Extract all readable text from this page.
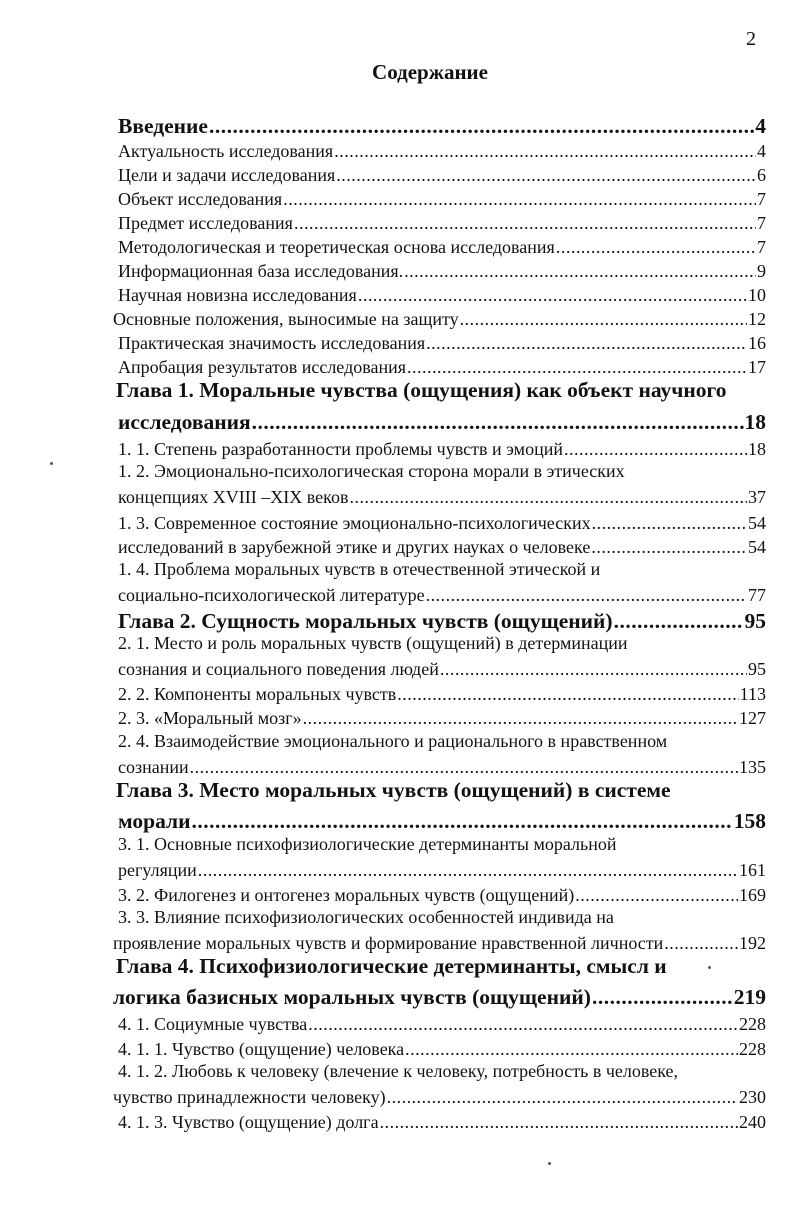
2
Содержание
Введение .....	4
Актуальность исследования .....	4
Цели и задачи исследования .....	6
Объект исследования .....	7
Предмет исследования .....	7
Методологическая и теоретическая основа исследования .....	7
Информационная база исследования. .....	9
Научная новизна исследования .....	10
Основные положения, выносимые на защиту .....	12
Практическая значимость исследования .....	16
Апробация результатов исследования .....	17
Глава 1. Моральные чувства (ощущения) как объект научного
исследования .....	18
1. 1. Степень разработанности проблемы чувств и эмоций .....	18
1. 2. Эмоционально-психологическая сторона морали в этических
концепциях XVIII –XIX веков .....	37
1. 3. Современное состояние эмоционально-психологических .....	54
исследований в зарубежной этике и других науках о человеке .....	54
1. 4. Проблема моральных чувств в отечественной этической и
социально-психологической литературе .....	77
Глава 2. Сущность моральных чувств (ощущений) .....	95
2. 1. Место и роль моральных чувств (ощущений) в детерминации
сознания и социального поведения людей .....	95
2. 2. Компоненты моральных чувств .....	113
2. 3. «Моральный мозг» .....	127
2. 4. Взаимодействие эмоционального и рационального в нравственном
сознании .....	135
Глава 3. Место моральных чувств (ощущений) в системе
морали .....	158
3. 1. Основные психофизиологические детерминанты моральной
регуляции .....	161
3. 2. Филогенез и онтогенез моральных чувств (ощущений) .....	169
3. 3. Влияние психофизиологических особенностей индивида на
проявление моральных чувств и формирование нравственной личности .....	192
Глава 4. Психофизиологические детерминанты, смысл и
логика базисных моральных чувств (ощущений) .....	219
4. 1. Социумные чувства .....	228
4. 1. 1. Чувство (ощущение) человека .....	228
4. 1. 2. Любовь к человеку (влечение к человеку, потребность в человеке,
чувство принадлежности человеку) .....	230
4. 1. 3. Чувство (ощущение) долга .....	240
